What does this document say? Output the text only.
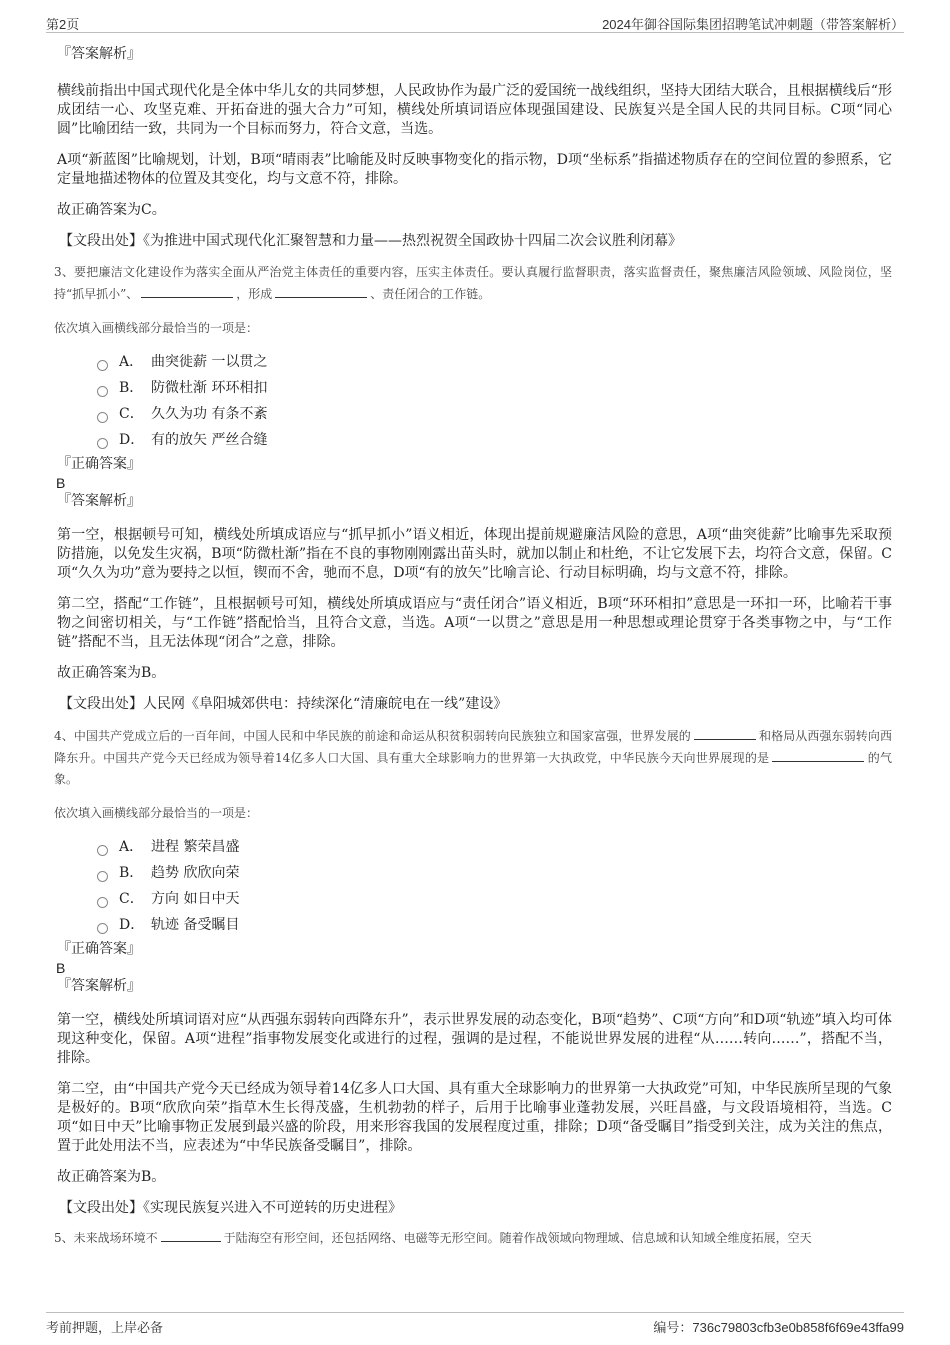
第2页	2024年御谷国际集团招聘笔试冲刺题（带答案解析）

『答案解析』

横线前指出中国式现代化是全体中华儿女的共同梦想，人民政协作为最广泛的爱国统一战线组织，坚持大团结大联合，且根据横线后“形成团结一心、攻坚克难、开拓奋进的强大合力”可知，横线处所填词语应体现强国建设、民族复兴是全国人民的共同目标。C项“同心圆”比喻团结一致，共同为一个目标而努力，符合文意，当选。

A项“新蓝图”比喻规划，计划，B项“晴雨表”比喻能及时反映事物变化的指示物，D项“坐标系”指描述物质存在的空间位置的参照系，它定量地描述物体的位置及其变化，均与文意不符，排除。

故正确答案为C。

【文段出处】《为推进中国式现代化汇聚智慧和力量——热烈祝贺全国政协十四届二次会议胜利闭幕》

3、要把廉洁文化建设作为落实全面从严治党主体责任的重要内容，压实主体责任。要认真履行监督职责，落实监督责任，聚焦廉洁风险领域、风险岗位，坚持“抓早抓小”、	，形成	、责任闭合的工作链。

依次填入画横线部分最恰当的一项是：

A． 曲突徙薪 一以贯之
B． 防微杜渐 环环相扣
C． 久久为功 有条不紊
D． 有的放矢 严丝合缝

『正确答案』

B

『答案解析』

第一空，根据顿号可知，横线处所填成语应与“抓早抓小”语义相近，体现出提前规避廉洁风险的意思，A项“曲突徙薪”比喻事先采取预防措施，以免发生灾祸，B项“防微杜渐”指在不良的事物刚刚露出苗头时，就加以制止和杜绝，不让它发展下去，均符合文意，保留。C项“久久为功”意为要持之以恒，锲而不舍，驰而不息，D项“有的放矢”比喻言论、行动目标明确，均与文意不符，排除。

第二空，搭配“工作链”，且根据顿号可知，横线处所填成语应与“责任闭合”语义相近，B项“环环相扣”意思是一环扣一环，比喻若干事物之间密切相关，与“工作链”搭配恰当，且符合文意，当选。A项“一以贯之”意思是用一种思想或理论贯穿于各类事物之中，与“工作链”搭配不当，且无法体现“闭合”之意，排除。

故正确答案为B。

【文段出处】人民网《阜阳城郊供电：持续深化“清廉皖电在一线”建设》

4、中国共产党成立后的一百年间，中国人民和中华民族的前途和命运从积贫积弱转向民族独立和国家富强，世界发展的	和格局从西强东弱转向西降东升。中国共产党今天已经成为领导着14亿多人口大国、具有重大全球影响力的世界第一大执政党，中华民族今天向世界展现的是	的气象。

依次填入画横线部分最恰当的一项是：

A． 进程 繁荣昌盛
B． 趋势 欣欣向荣
C． 方向 如日中天
D． 轨迹 备受瞩目

『正确答案』

B

『答案解析』

第一空，横线处所填词语对应“从西强东弱转向西降东升”，表示世界发展的动态变化，B项“趋势”、C项“方向”和D项“轨迹”填入均可体现这种变化，保留。A项“进程”指事物发展变化或进行的过程，强调的是过程，不能说世界发展的进程“从……转向……”，搭配不当，排除。

第二空，由“中国共产党今天已经成为领导着14亿多人口大国、具有重大全球影响力的世界第一大执政党”可知，中华民族所呈现的气象是极好的。B项“欣欣向荣”指草木生长得茂盛，生机勃勃的样子，后用于比喻事业蓬勃发展，兴旺昌盛，与文段语境相符，当选。C项“如日中天”比喻事物正发展到最兴盛的阶段，用来形容我国的发展程度过重，排除；D项“备受瞩目”指受到关注，成为关注的焦点，置于此处用法不当，应表述为“中华民族备受瞩目”，排除。

故正确答案为B。

【文段出处】《实现民族复兴进入不可逆转的历史进程》

5、未来战场环境不	于陆海空有形空间，还包括网络、电磁等无形空间。随着作战领域向物理域、信息域和认知域全维度拓展，空天

考前押题，上岸必备	编号：736c79803cfb3e0b858f6f69e43ffa99
